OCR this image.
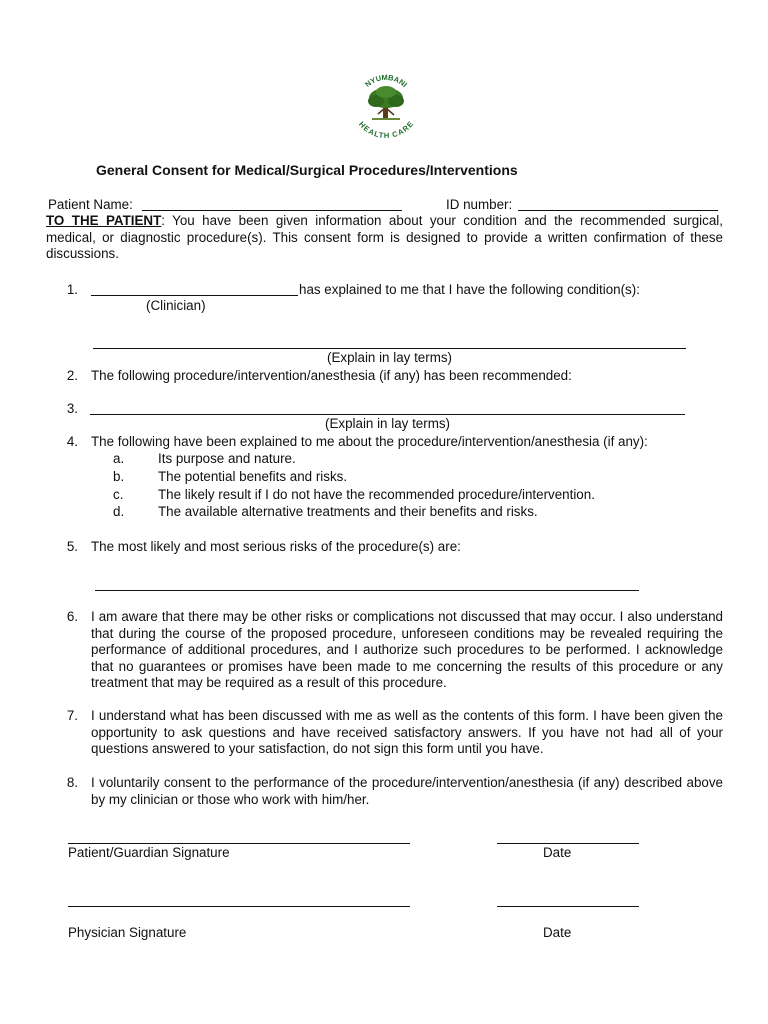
NYUMBANI
HEALTH CARE
General Consent for Medical/Surgical Procedures/Interventions
Patient Name:	ID number:
TO THE PATIENT: You have been given information about your condition and the recommended surgical, medical, or diagnostic procedure(s). This consent form is designed to provide a written confirmation of these discussions.
1.	has explained to me that I have the following condition(s):
(Clinician)
(Explain in lay terms)
2. The following procedure/intervention/anesthesia (if any) has been recommended:
3.
(Explain in lay terms)
4. The following have been explained to me about the procedure/intervention/anesthesia (if any):
a.	Its purpose and nature.
b.	The potential benefits and risks.
c.	The likely result if I do not have the recommended procedure/intervention.
d.	The available alternative treatments and their benefits and risks.
5. The most likely and most serious risks of the procedure(s) are:
6. I am aware that there may be other risks or complications not discussed that may occur. I also understand that during the course of the proposed procedure, unforeseen conditions may be revealed requiring the performance of additional procedures, and I authorize such procedures to be performed. I acknowledge that no guarantees or promises have been made to me concerning the results of this procedure or any treatment that may be required as a result of this procedure.
7. I understand what has been discussed with me as well as the contents of this form. I have been given the opportunity to ask questions and have received satisfactory answers. If you have not had all of your questions answered to your satisfaction, do not sign this form until you have.
8. I voluntarily consent to the performance of the procedure/intervention/anesthesia (if any) described above by my clinician or those who work with him/her.
Patient/Guardian Signature	Date
Physician Signature	Date
